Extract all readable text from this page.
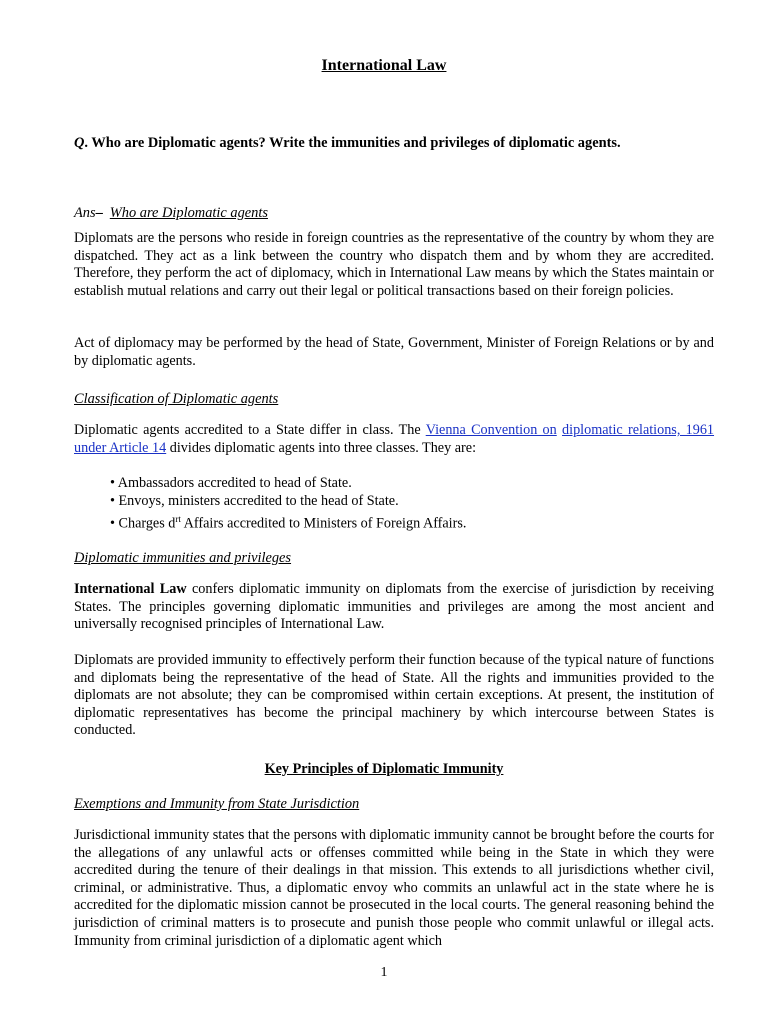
International Law

Q. Who are Diplomatic agents? Write the immunities and privileges of diplomatic agents.

Ans– Who are Diplomatic agents

Diplomats are the persons who reside in foreign countries as the representative of the country by whom they are dispatched. They act as a link between the country who dispatch them and by whom they are accredited. Therefore, they perform the act of diplomacy, which in International Law means by which the States maintain or establish mutual relations and carry out their legal or political transactions based on their foreign policies.

Act of diplomacy may be performed by the head of State, Government, Minister of Foreign Relations or by and by diplomatic agents.

Classification of Diplomatic agents

Diplomatic agents accredited to a State differ in class. The Vienna Convention on diplomatic relations, 1961 under Article 14 divides diplomatic agents into three classes. They are:

• Ambassadors accredited to head of State.
• Envoys, ministers accredited to the head of State.
• Charges $d^{rt}$ Affairs accredited to Ministers of Foreign Affairs.

Diplomatic immunities and privileges

International Law confers diplomatic immunity on diplomats from the exercise of jurisdiction by receiving States. The principles governing diplomatic immunities and privileges are among the most ancient and universally recognised principles of International Law.

Diplomats are provided immunity to effectively perform their function because of the typical nature of functions and diplomats being the representative of the head of State. All the rights and immunities provided to the diplomats are not absolute; they can be compromised within certain exceptions. At present, the institution of diplomatic representatives has become the principal machinery by which intercourse between States is conducted.

Key Principles of Diplomatic Immunity

Exemptions and Immunity from State Jurisdiction

Jurisdictional immunity states that the persons with diplomatic immunity cannot be brought before the courts for the allegations of any unlawful acts or offenses committed while being in the State in which they were accredited during the tenure of their dealings in that mission. This extends to all jurisdictions whether civil, criminal, or administrative. Thus, a diplomatic envoy who commits an unlawful act in the state where he is accredited for the diplomatic mission cannot be prosecuted in the local courts. The general reasoning behind the jurisdiction of criminal matters is to prosecute and punish those people who commit unlawful or illegal acts. Immunity from criminal jurisdiction of a diplomatic agent which

1
